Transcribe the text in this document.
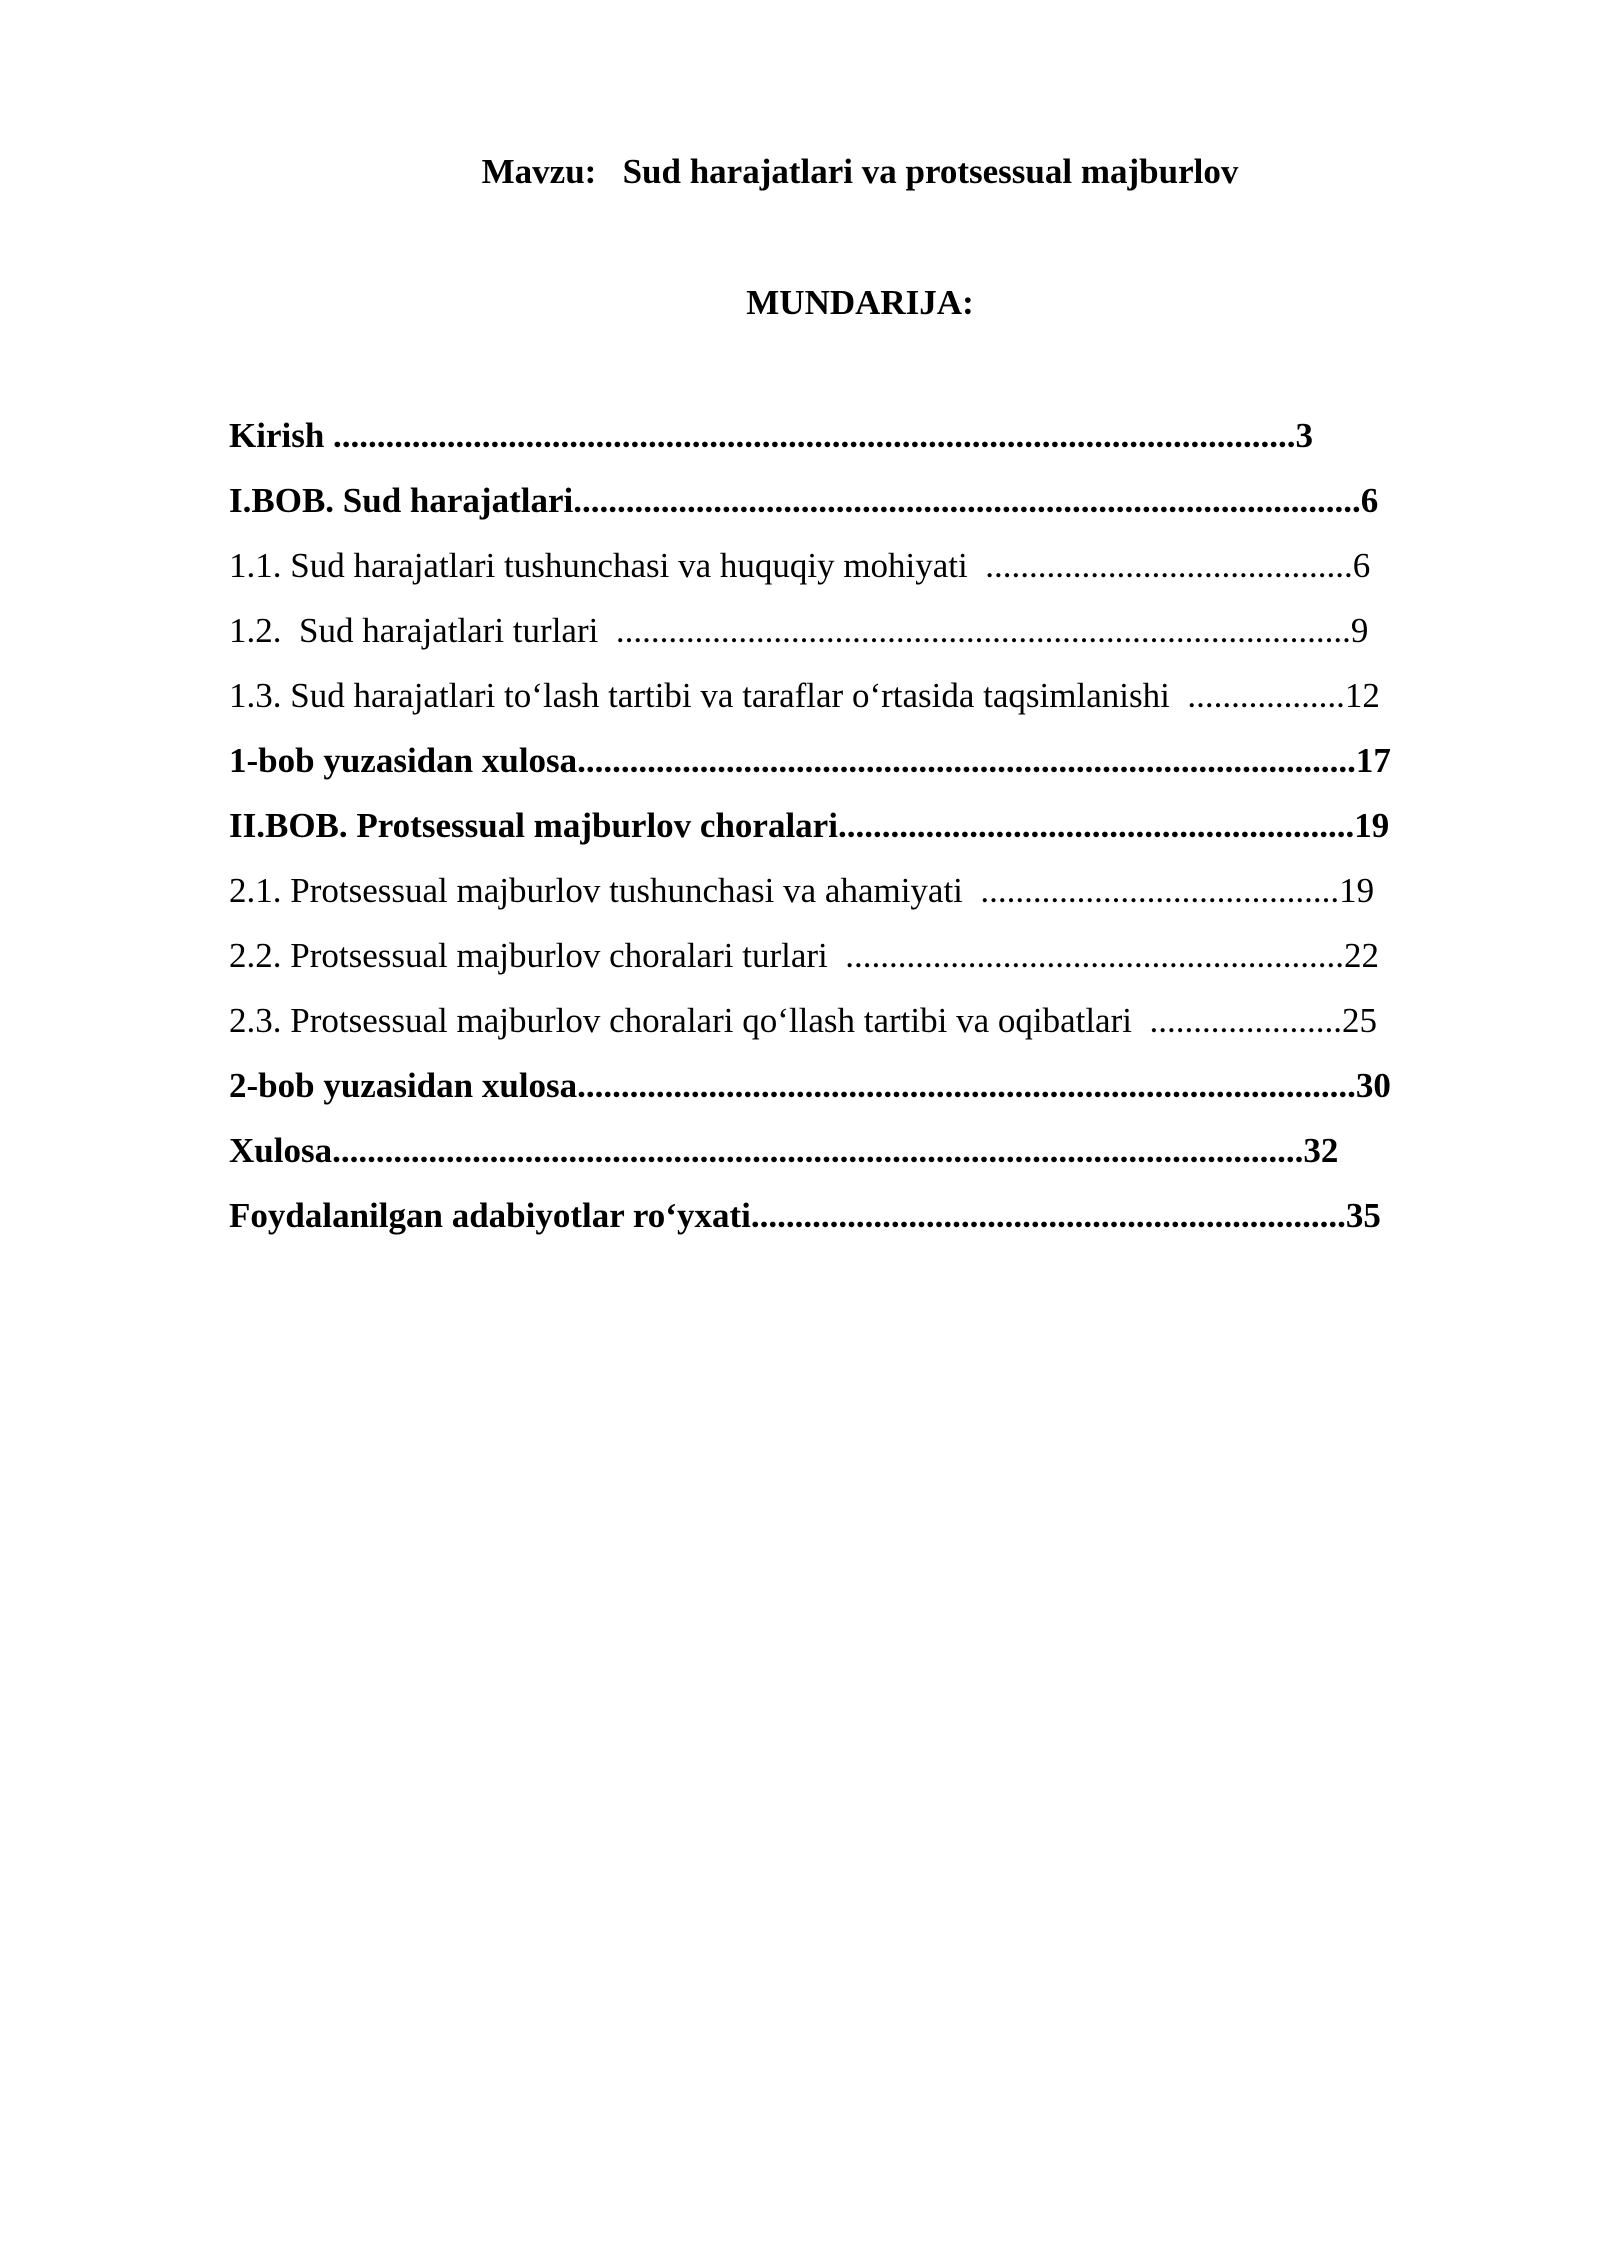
Mavzu:   Sud harajatlari va protsessual majburlov
MUNDARIJA:
Kirish ..............................................................................................................3
I.BOB. Sud harajatlari..........................................................................................6
1.1. Sud harajatlari tushunchasi va huquqiy mohiyati  ..........................................6
1.2.  Sud harajatlari turlari  ....................................................................................9
1.3. Sud harajatlari to‘lash tartibi va taraflar o‘rtasida taqsimlanishi  ..................12
1-bob yuzasidan xulosa.........................................................................................17
II.BOB. Protsessual majburlov choralari...........................................................19
2.1. Protsessual majburlov tushunchasi va ahamiyati  .........................................19
2.2. Protsessual majburlov choralari turlari  .........................................................22
2.3. Protsessual majburlov choralari qo‘llash tartibi va oqibatlari  ......................25
2-bob yuzasidan xulosa.........................................................................................30
Xulosa...............................................................................................................32
Foydalanilgan adabiyotlar ro‘yxati....................................................................35
